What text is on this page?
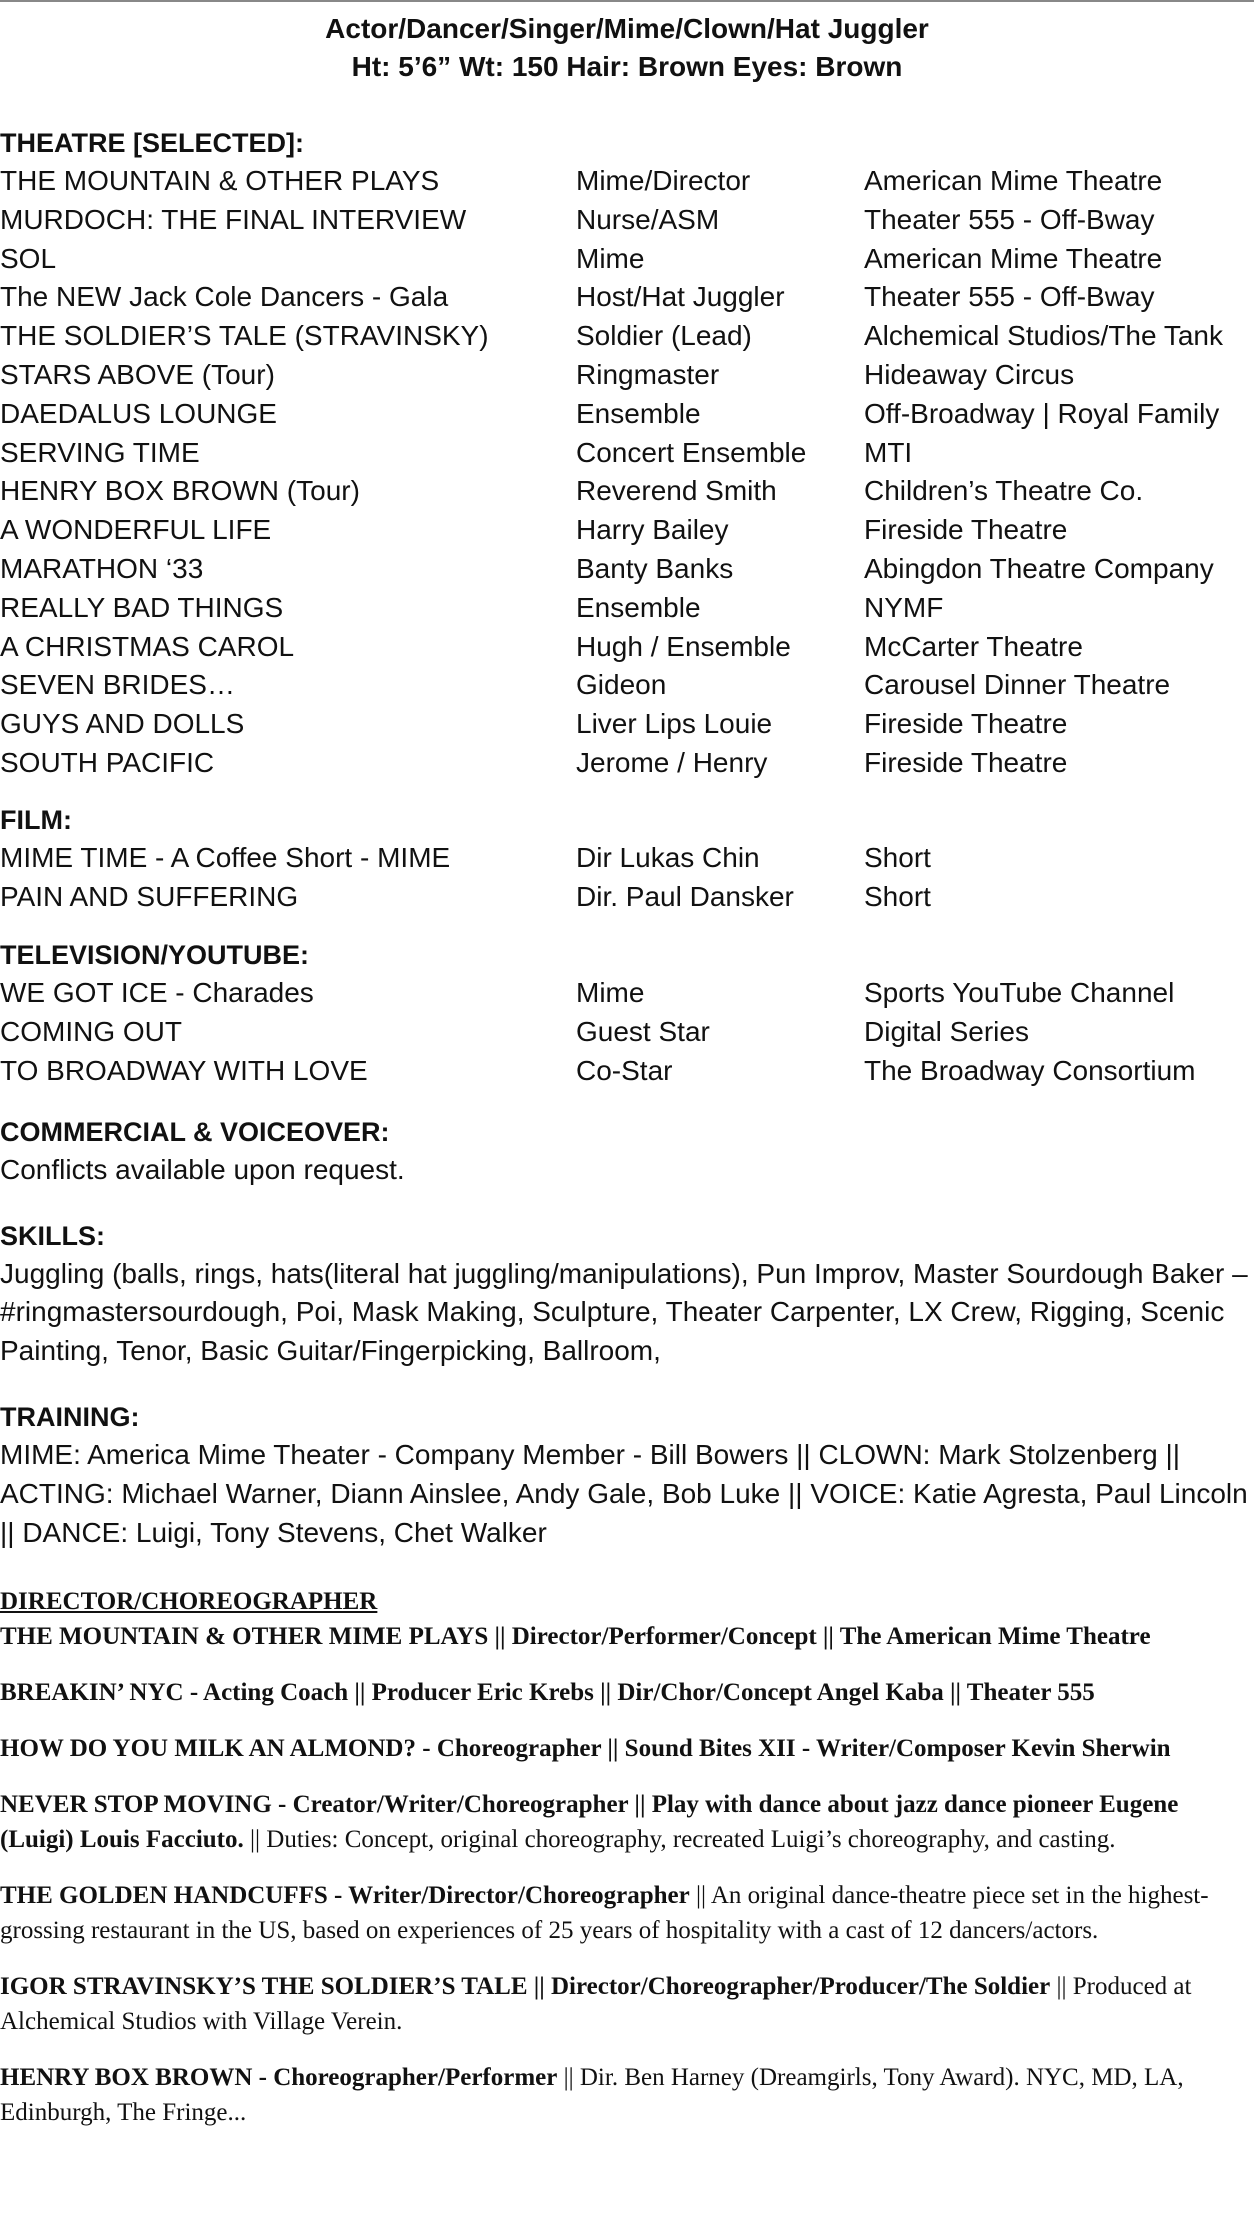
Actor/Dancer/Singer/Mime/Clown/Hat Juggler
Ht: 5’6” Wt: 150 Hair: Brown Eyes: Brown
THEATRE [SELECTED]:
THE MOUNTAIN & OTHER PLAYS	Mime/Director	American Mime Theatre
MURDOCH: THE FINAL INTERVIEW	Nurse/ASM	Theater 555 - Off-Bway
SOL	Mime	American Mime Theatre
The NEW Jack Cole Dancers - Gala	Host/Hat Juggler	Theater 555 - Off-Bway
THE SOLDIER’S TALE (STRAVINSKY)	Soldier (Lead)	Alchemical Studios/The Tank
STARS ABOVE (Tour)	Ringmaster	Hideaway Circus
DAEDALUS LOUNGE	Ensemble	Off-Broadway | Royal Family
SERVING TIME	Concert Ensemble	MTI
HENRY BOX BROWN (Tour)	Reverend Smith	Children’s Theatre Co.
A WONDERFUL LIFE	Harry Bailey	Fireside Theatre
MARATHON ‘33	Banty Banks	Abingdon Theatre Company
REALLY BAD THINGS	Ensemble	NYMF
A CHRISTMAS CAROL	Hugh / Ensemble	McCarter Theatre
SEVEN BRIDES…	Gideon	Carousel Dinner Theatre
GUYS AND DOLLS	Liver Lips Louie	Fireside Theatre
SOUTH PACIFIC	Jerome / Henry	Fireside Theatre
FILM:
MIME TIME - A Coffee Short - MIME	Dir Lukas Chin	Short
PAIN AND SUFFERING	Dir. Paul Dansker	Short
TELEVISION/YOUTUBE:
WE GOT ICE - Charades	Mime	Sports YouTube Channel
COMING OUT	Guest Star	Digital Series
TO BROADWAY WITH LOVE	Co-Star	The Broadway Consortium
COMMERCIAL & VOICEOVER:
Conflicts available upon request.
SKILLS:
Juggling (balls, rings, hats(literal hat juggling/manipulations), Pun Improv, Master Sourdough Baker –#ringmastersourdough, Poi, Mask Making, Sculpture, Theater Carpenter, LX Crew, Rigging, Scenic Painting, Tenor, Basic Guitar/Fingerpicking, Ballroom,
TRAINING:
MIME: America Mime Theater - Company Member - Bill Bowers || CLOWN: Mark Stolzenberg || ACTING: Michael Warner, Diann Ainslee, Andy Gale, Bob Luke || VOICE: Katie Agresta, Paul Lincoln || DANCE: Luigi, Tony Stevens, Chet Walker
DIRECTOR/CHOREOGRAPHER
THE MOUNTAIN & OTHER MIME PLAYS || Director/Performer/Concept || The American Mime Theatre
BREAKIN’ NYC - Acting Coach || Producer Eric Krebs || Dir/Chor/Concept Angel Kaba || Theater 555
HOW DO YOU MILK AN ALMOND? - Choreographer || Sound Bites XII - Writer/Composer Kevin Sherwin
NEVER STOP MOVING - Creator/Writer/Choreographer || Play with dance about jazz dance pioneer Eugene (Luigi) Louis Facciuto. || Duties: Concept, original choreography, recreated Luigi’s choreography, and casting.
THE GOLDEN HANDCUFFS - Writer/Director/Choreographer || An original dance-theatre piece set in the highest-grossing restaurant in the US, based on experiences of 25 years of hospitality with a cast of 12 dancers/actors.
IGOR STRAVINSKY’S THE SOLDIER’S TALE || Director/Choreographer/Producer/The Soldier || Produced at Alchemical Studios with Village Verein.
HENRY BOX BROWN - Choreographer/Performer || Dir. Ben Harney (Dreamgirls, Tony Award). NYC, MD, LA, Edinburgh, The Fringe...
